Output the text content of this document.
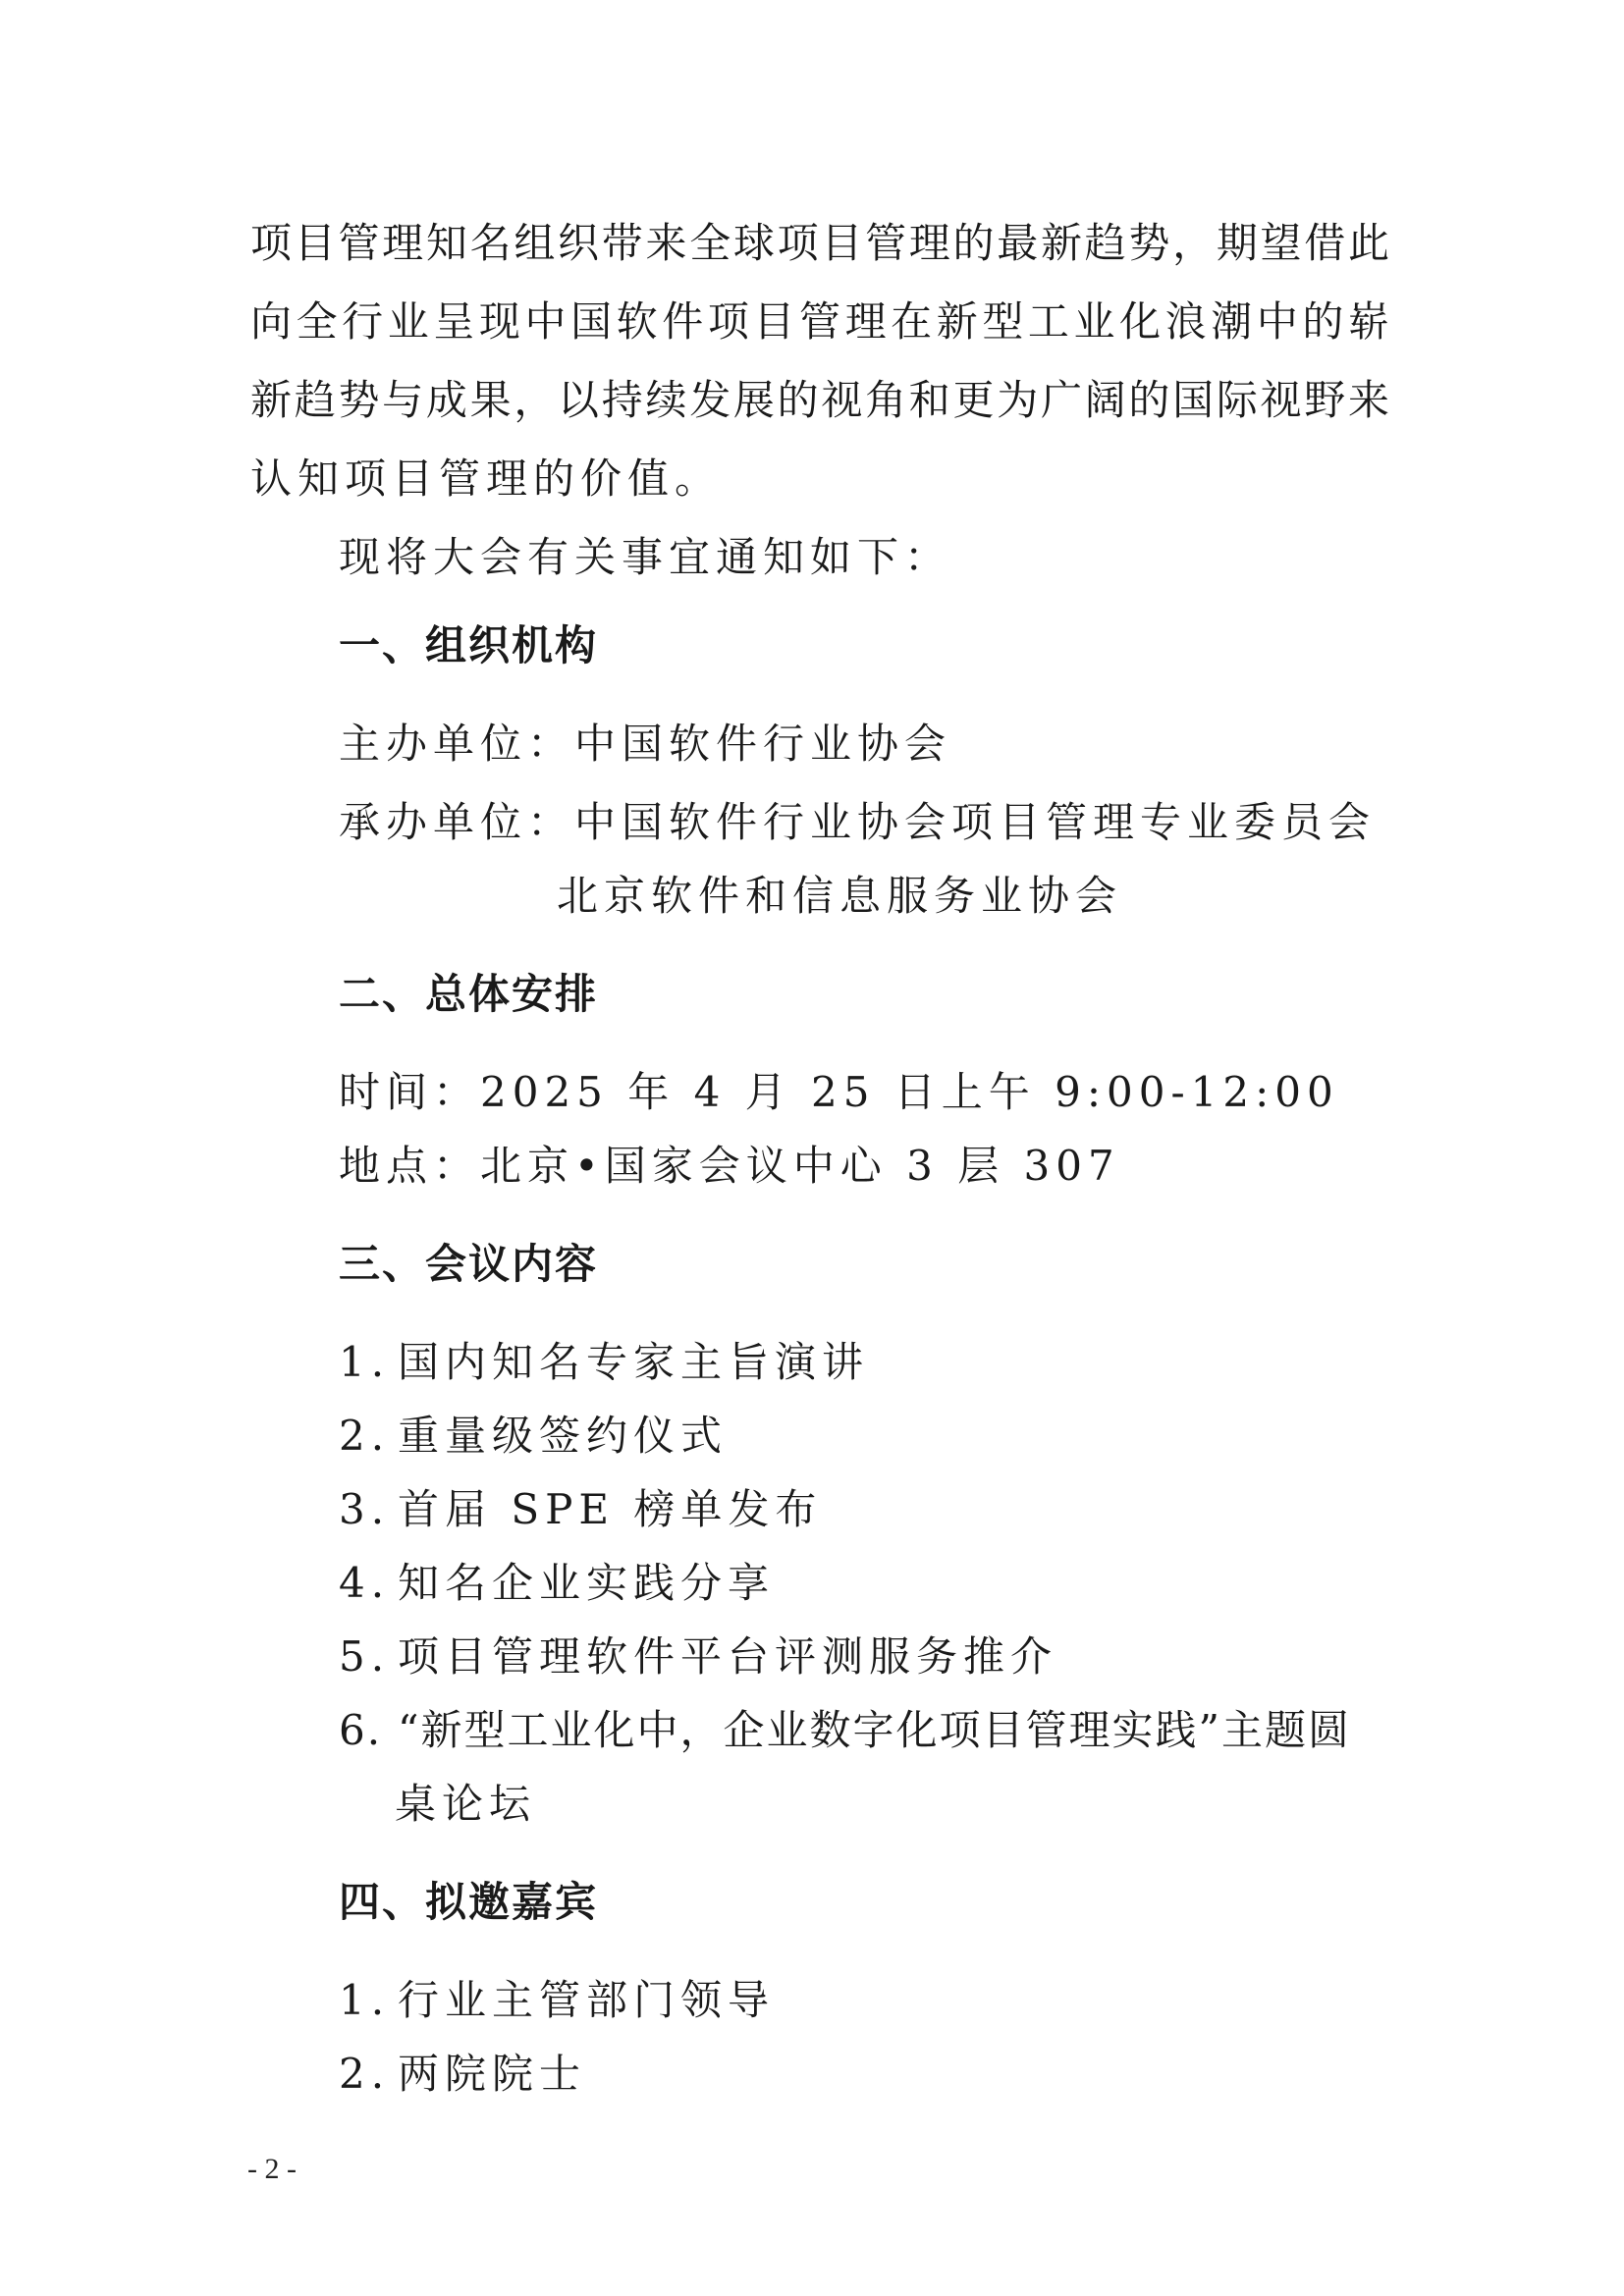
项目管理知名组织带来全球项目管理的最新趋势，期望借此
向全行业呈现中国软件项目管理在新型工业化浪潮中的崭
新趋势与成果，以持续发展的视角和更为广阔的国际视野来
认知项目管理的价值。
现将大会有关事宜通知如下：
一、组织机构
主办单位：中国软件行业协会
承办单位：中国软件行业协会项目管理专业委员会
北京软件和信息服务业协会
二、总体安排
时间：2025 年 4 月 25 日上午 9:00-12:00
地点：北京•国家会议中心 3 层 307
三、会议内容
1. 国内知名专家主旨演讲
2. 重量级签约仪式
3. 首届 SPE 榜单发布
4. 知名企业实践分享
5. 项目管理软件平台评测服务推介
6. “新型工业化中，企业数字化项目管理实践”主题圆
桌论坛
四、拟邀嘉宾
1. 行业主管部门领导
2. 两院院士
- 2 -
